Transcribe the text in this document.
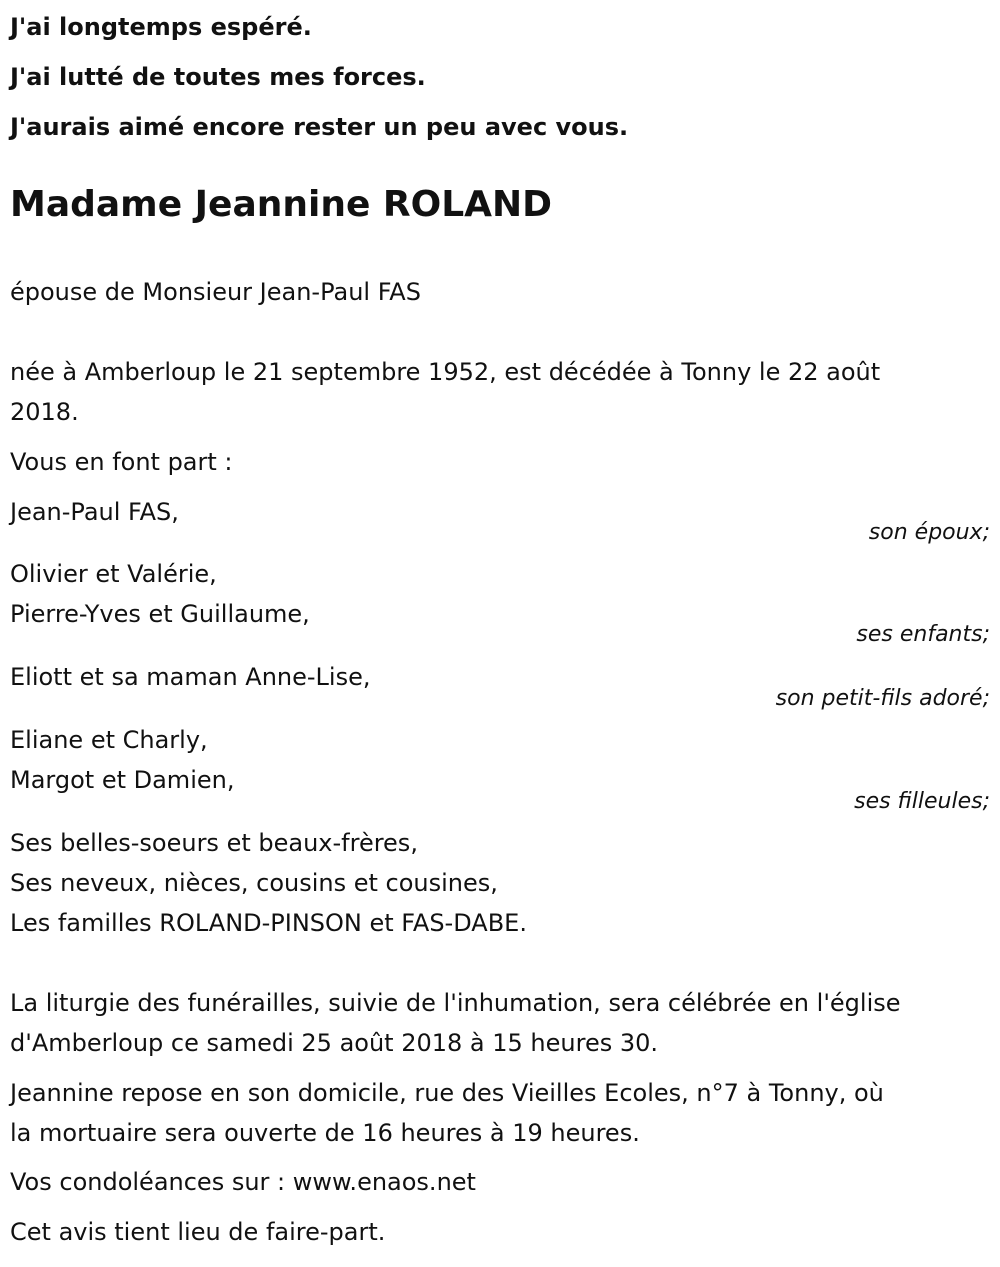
J'ai longtemps espéré.

J'ai lutté de toutes mes forces.

J'aurais aimé encore rester un peu avec vous.

Madame Jeannine ROLAND

épouse de Monsieur Jean-Paul FAS

née à Amberloup le 21 septembre 1952, est décédée à Tonny le 22 août

2018.

Vous en font part :

Jean-Paul FAS,

son époux;

Olivier et Valérie,

Pierre-Yves et Guillaume,

ses enfants;

Eliott et sa maman Anne-Lise,

son petit-fils adoré;

Eliane et Charly,

Margot et Damien,

ses filleules;

Ses belles-soeurs et beaux-frères,

Ses neveux, nièces, cousins et cousines,

Les familles ROLAND-PINSON et FAS-DABE.

La liturgie des funérailles, suivie de l'inhumation, sera célébrée en l'église

d'Amberloup ce samedi 25 août 2018 à 15 heures 30.

Jeannine repose en son domicile, rue des Vieilles Ecoles, n°7 à Tonny, où

la mortuaire sera ouverte de 16 heures à 19 heures.

Vos condoléances sur : www.enaos.net

Cet avis tient lieu de faire-part.
